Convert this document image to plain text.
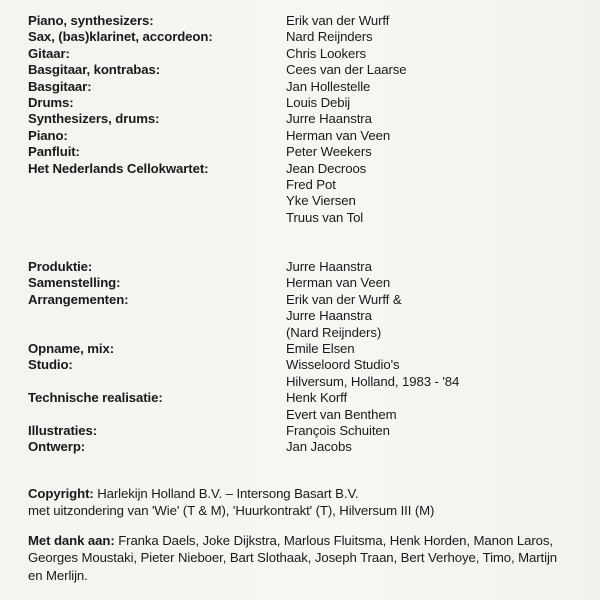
Piano, synthesizers:	Erik van der Wurff
Sax, (bas)klarinet, accordeon:	Nard Reijnders
Gitaar:	Chris Lookers
Basgitaar, kontrabas:	Cees van der Laarse
Basgitaar:	Jan Hollestelle
Drums:	Louis Debij
Synthesizers, drums:	Jurre Haanstra
Piano:	Herman van Veen
Panfluit:	Peter Weekers
Het Nederlands Cellokwartet:	Jean Decroos
Fred Pot
Yke Viersen
Truus van Tol
Produktie:	Jurre Haanstra
Samenstelling:	Herman van Veen
Arrangementen:	Erik van der Wurff &
Jurre Haanstra
(Nard Reijnders)
Opname, mix:	Emile Elsen
Studio:	Wisseloord Studio's
Hilversum, Holland, 1983 - '84
Technische realisatie:	Henk Korff
Evert van Benthem
Illustraties:	François Schuiten
Ontwerp:	Jan Jacobs
Copyright: Harlekijn Holland B.V. – Intersong Basart B.V.
met uitzondering van 'Wie' (T & M), 'Huurkontrakt' (T), Hilversum III (M)
Met dank aan: Franka Daels, Joke Dijkstra, Marlous Fluitsma, Henk Horden, Manon Laros, Georges Moustaki, Pieter Nieboer, Bart Slothaak, Joseph Traan, Bert Verhoye, Timo, Martijn en Merlijn.
